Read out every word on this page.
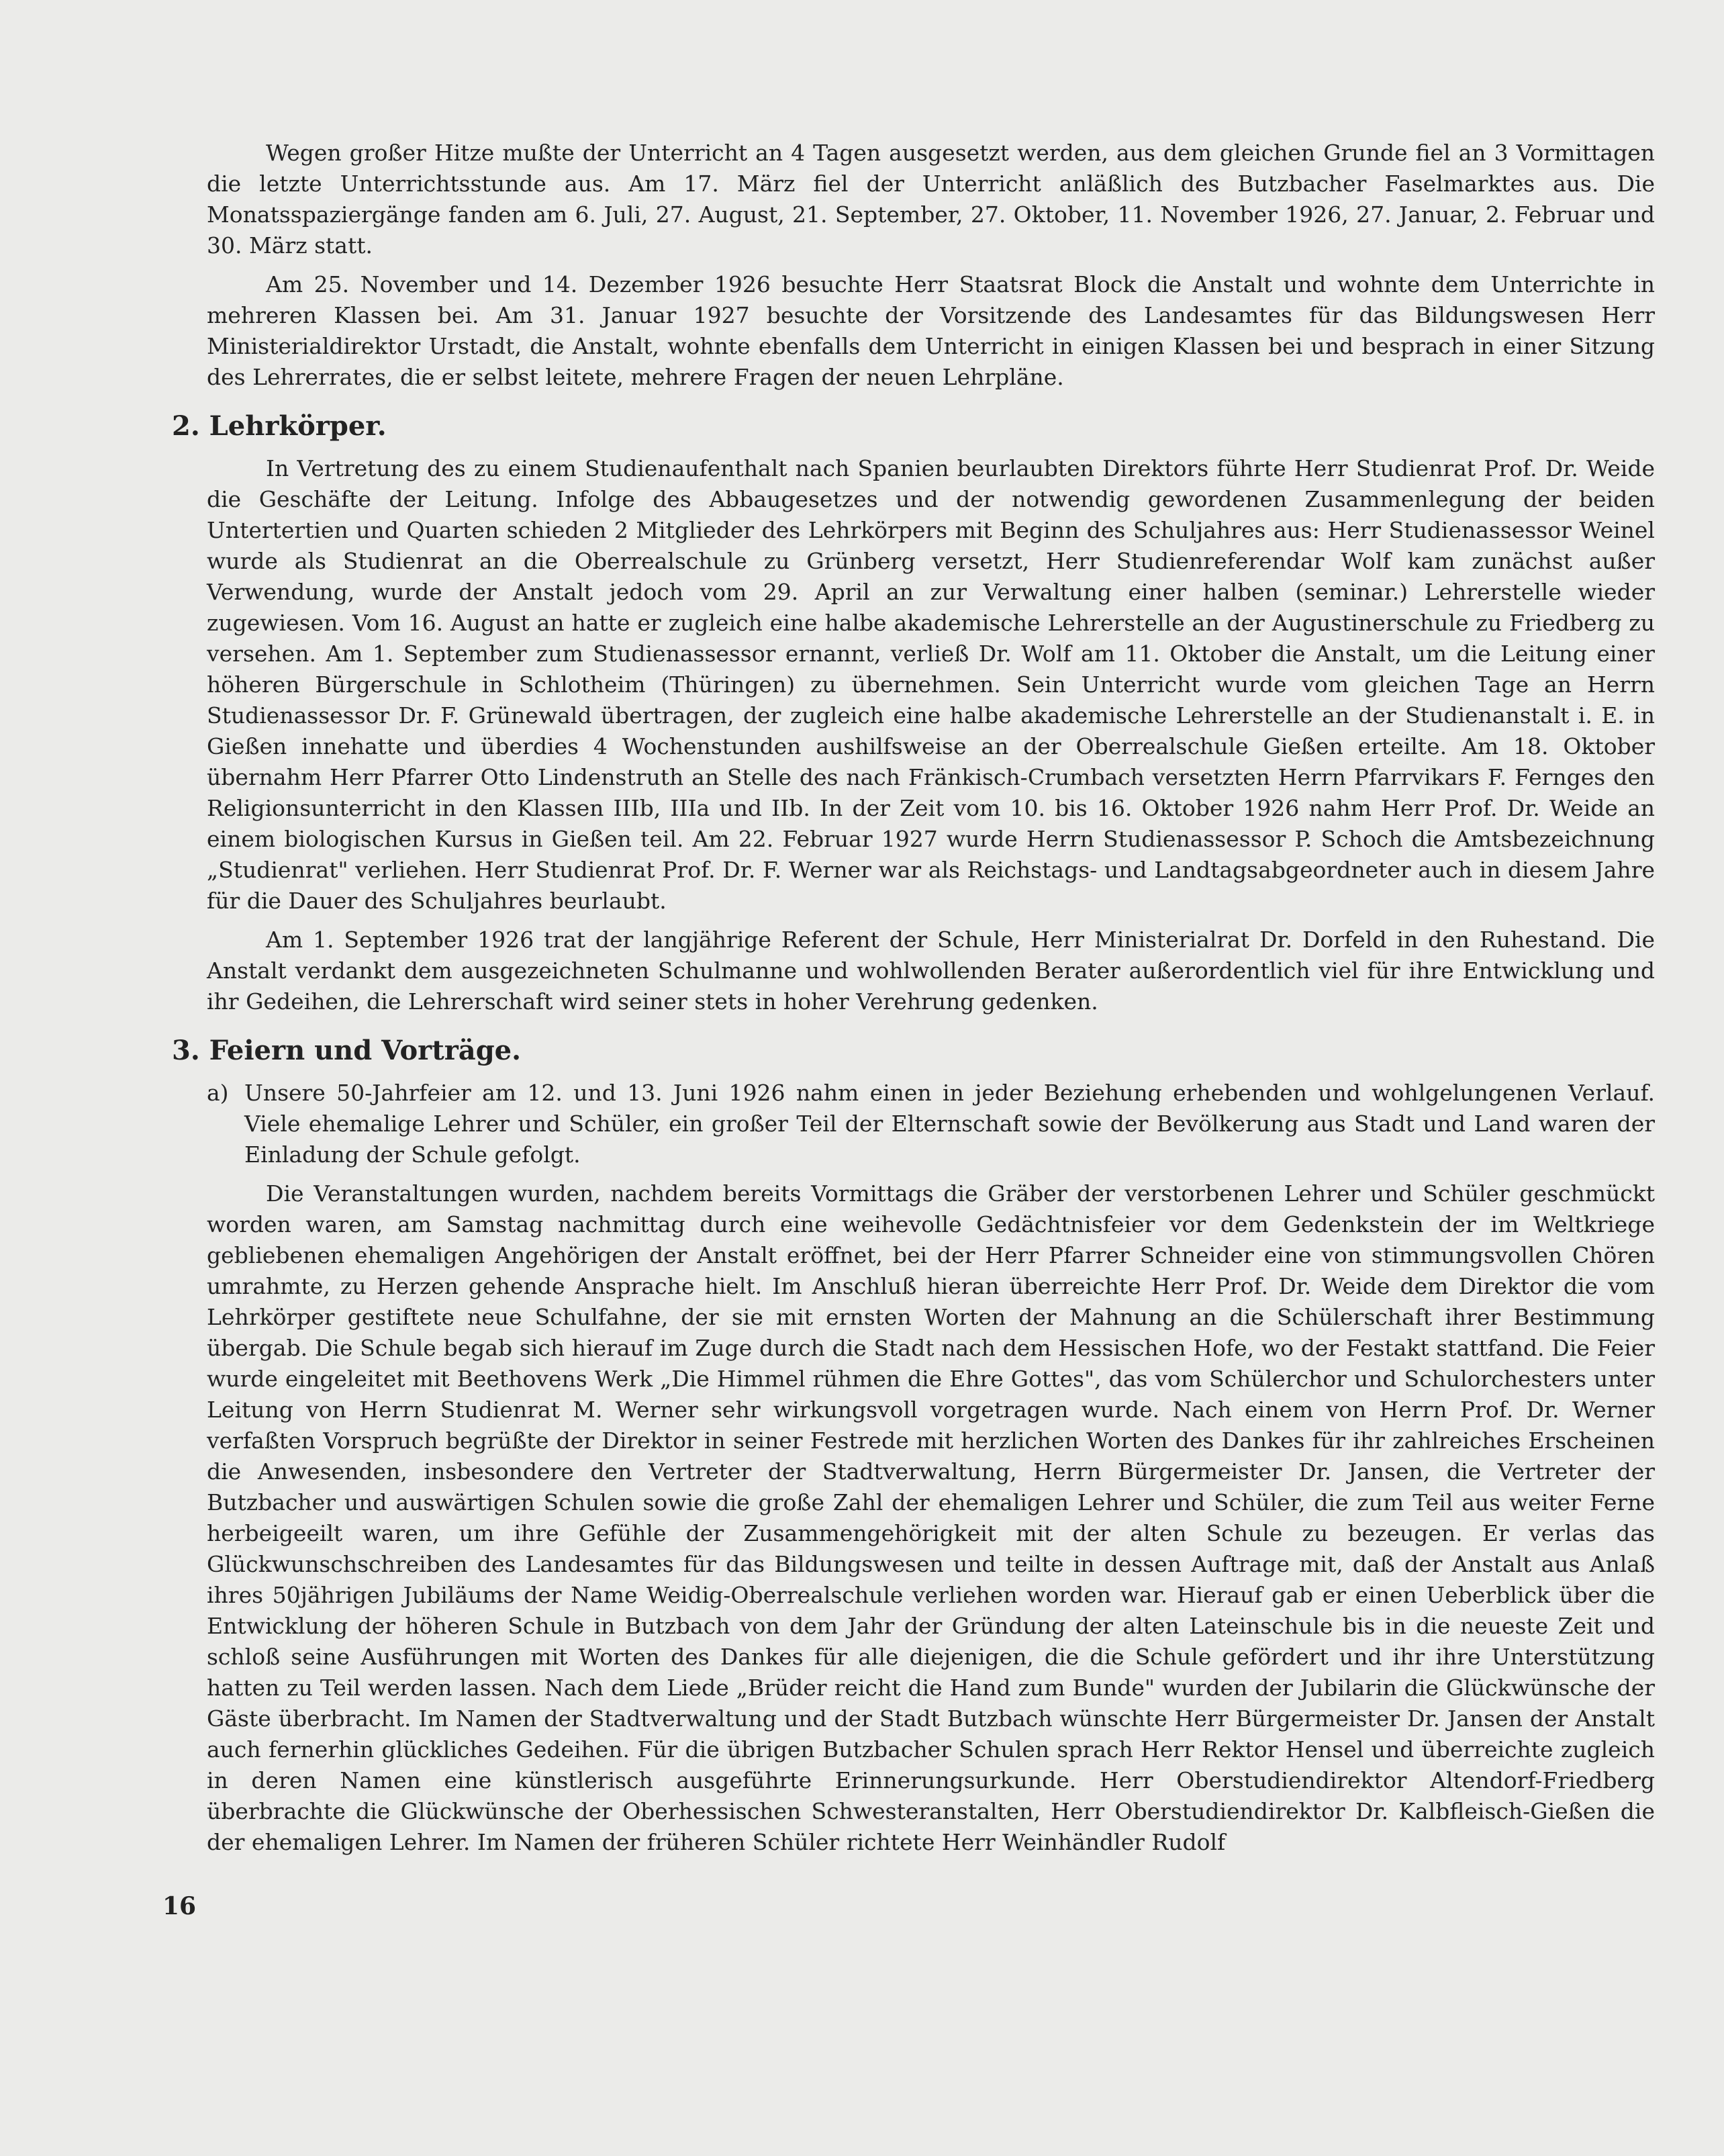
Wegen großer Hitze mußte der Unterricht an 4 Tagen ausgesetzt werden, aus dem gleichen Grunde fiel an 3 Vormittagen die letzte Unterrichtsstunde aus. Am 17. März fiel der Unterricht anläßlich des Butzbacher Faselmarktes aus. Die Monatsspaziergänge fanden am 6. Juli, 27. August, 21. September, 27. Oktober, 11. November 1926, 27. Januar, 2. Februar und 30. März statt.

Am 25. November und 14. Dezember 1926 besuchte Herr Staatsrat Block die Anstalt und wohnte dem Unterrichte in mehreren Klassen bei. Am 31. Januar 1927 besuchte der Vorsitzende des Landesamtes für das Bildungswesen Herr Ministerialdirektor Urstadt, die Anstalt, wohnte ebenfalls dem Unterricht in einigen Klassen bei und besprach in einer Sitzung des Lehrerrates, die er selbst leitete, mehrere Fragen der neuen Lehrpläne.

2. Lehrkörper.

In Vertretung des zu einem Studienaufenthalt nach Spanien beurlaubten Direktors führte Herr Studienrat Prof. Dr. Weide die Geschäfte der Leitung. Infolge des Abbaugesetzes und der notwendig gewordenen Zusammenlegung der beiden Untertertien und Quarten schieden 2 Mitglieder des Lehrkörpers mit Beginn des Schuljahres aus: Herr Studienassessor Weinel wurde als Studienrat an die Oberrealschule zu Grünberg versetzt, Herr Studienreferendar Wolf kam zunächst außer Verwendung, wurde der Anstalt jedoch vom 29. April an zur Verwaltung einer halben (seminar.) Lehrerstelle wieder zugewiesen. Vom 16. August an hatte er zugleich eine halbe akademische Lehrerstelle an der Augustinerschule zu Friedberg zu versehen. Am 1. September zum Studienassessor ernannt, verließ Dr. Wolf am 11. Oktober die Anstalt, um die Leitung einer höheren Bürgerschule in Schlotheim (Thüringen) zu übernehmen. Sein Unterricht wurde vom gleichen Tage an Herrn Studienassessor Dr. F. Grünewald übertragen, der zugleich eine halbe akademische Lehrerstelle an der Studienanstalt i. E. in Gießen innehatte und überdies 4 Wochenstunden aushilfsweise an der Oberrealschule Gießen erteilte. Am 18. Oktober übernahm Herr Pfarrer Otto Lindenstruth an Stelle des nach Fränkisch-Crumbach versetzten Herrn Pfarrvikars F. Fernges den Religionsunterricht in den Klassen IIIb, IIIa und IIb. In der Zeit vom 10. bis 16. Oktober 1926 nahm Herr Prof. Dr. Weide an einem biologischen Kursus in Gießen teil. Am 22. Februar 1927 wurde Herrn Studienassessor P. Schoch die Amtsbezeichnung „Studienrat" verliehen. Herr Studienrat Prof. Dr. F. Werner war als Reichstags- und Landtagsabgeordneter auch in diesem Jahre für die Dauer des Schuljahres beurlaubt.

Am 1. September 1926 trat der langjährige Referent der Schule, Herr Ministerialrat Dr. Dorfeld in den Ruhestand. Die Anstalt verdankt dem ausgezeichneten Schulmanne und wohlwollenden Berater außerordentlich viel für ihre Entwicklung und ihr Gedeihen, die Lehrerschaft wird seiner stets in hoher Verehrung gedenken.

3. Feiern und Vorträge.

a) Unsere 50-Jahrfeier am 12. und 13. Juni 1926 nahm einen in jeder Beziehung erhebenden und wohlgelungenen Verlauf. Viele ehemalige Lehrer und Schüler, ein großer Teil der Elternschaft sowie der Bevölkerung aus Stadt und Land waren der Einladung der Schule gefolgt.

Die Veranstaltungen wurden, nachdem bereits Vormittags die Gräber der verstorbenen Lehrer und Schüler geschmückt worden waren, am Samstag nachmittag durch eine weihevolle Gedächtnisfeier vor dem Gedenkstein der im Weltkriege gebliebenen ehemaligen Angehörigen der Anstalt eröffnet, bei der Herr Pfarrer Schneider eine von stimmungsvollen Chören umrahmte, zu Herzen gehende Ansprache hielt. Im Anschluß hieran überreichte Herr Prof. Dr. Weide dem Direktor die vom Lehrkörper gestiftete neue Schulfahne, der sie mit ernsten Worten der Mahnung an die Schülerschaft ihrer Bestimmung übergab. Die Schule begab sich hierauf im Zuge durch die Stadt nach dem Hessischen Hofe, wo der Festakt stattfand. Die Feier wurde eingeleitet mit Beethovens Werk „Die Himmel rühmen die Ehre Gottes", das vom Schülerchor und Schulorchesters unter Leitung von Herrn Studienrat M. Werner sehr wirkungsvoll vorgetragen wurde. Nach einem von Herrn Prof. Dr. Werner verfaßten Vorspruch begrüßte der Direktor in seiner Festrede mit herzlichen Worten des Dankes für ihr zahlreiches Erscheinen die Anwesenden, insbesondere den Vertreter der Stadtverwaltung, Herrn Bürgermeister Dr. Jansen, die Vertreter der Butzbacher und auswärtigen Schulen sowie die große Zahl der ehemaligen Lehrer und Schüler, die zum Teil aus weiter Ferne herbeigeeilt waren, um ihre Gefühle der Zusammengehörigkeit mit der alten Schule zu bezeugen. Er verlas das Glückwunschschreiben des Landesamtes für das Bildungswesen und teilte in dessen Auftrage mit, daß der Anstalt aus Anlaß ihres 50jährigen Jubiläums der Name Weidig-Oberrealschule verliehen worden war. Hierauf gab er einen Ueberblick über die Entwicklung der höheren Schule in Butzbach von dem Jahr der Gründung der alten Lateinschule bis in die neueste Zeit und schloß seine Ausführungen mit Worten des Dankes für alle diejenigen, die die Schule gefördert und ihr ihre Unterstützung hatten zu Teil werden lassen. Nach dem Liede „Brüder reicht die Hand zum Bunde" wurden der Jubilarin die Glückwünsche der Gäste überbracht. Im Namen der Stadtverwaltung und der Stadt Butzbach wünschte Herr Bürgermeister Dr. Jansen der Anstalt auch fernerhin glückliches Gedeihen. Für die übrigen Butzbacher Schulen sprach Herr Rektor Hensel und überreichte zugleich in deren Namen eine künstlerisch ausgeführte Erinnerungsurkunde. Herr Oberstudiendirektor Altendorf-Friedberg überbrachte die Glückwünsche der Oberhessischen Schwesteranstalten, Herr Oberstudiendirektor Dr. Kalbfleisch-Gießen die der ehemaligen Lehrer. Im Namen der früheren Schüler richtete Herr Weinhändler Rudolf

16
